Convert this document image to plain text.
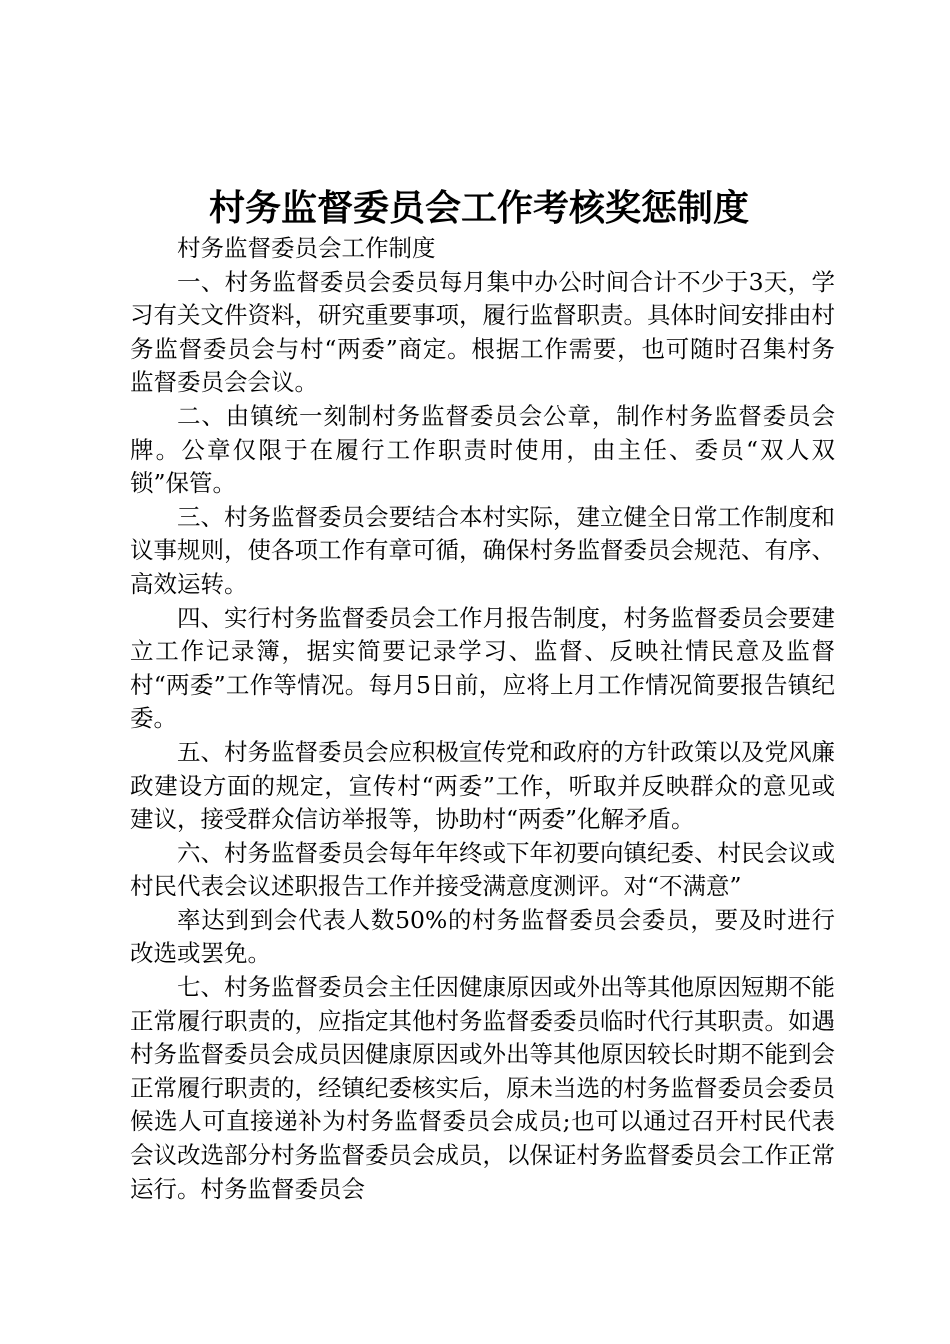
村务监督委员会工作考核奖惩制度

村务监督委员会工作制度

一、村务监督委员会委员每月集中办公时间合计不少于3天，学习有关文件资料，研究重要事项，履行监督职责。具体时间安排由村务监督委员会与村“两委”商定。根据工作需要，也可随时召集村务监督委员会会议。

二、由镇统一刻制村务监督委员会公章，制作村务监督委员会牌。公章仅限于在履行工作职责时使用，由主任、委员“双人双锁”保管。

三、村务监督委员会要结合本村实际，建立健全日常工作制度和议事规则，使各项工作有章可循，确保村务监督委员会规范、有序、高效运转。

四、实行村务监督委员会工作月报告制度，村务监督委员会要建立工作记录簿，据实简要记录学习、监督、反映社情民意及监督村“两委”工作等情况。每月5日前，应将上月工作情况简要报告镇纪委。

五、村务监督委员会应积极宣传党和政府的方针政策以及党风廉政建设方面的规定，宣传村“两委”工作，听取并反映群众的意见或建议，接受群众信访举报等，协助村“两委”化解矛盾。

六、村务监督委员会每年年终或下年初要向镇纪委、村民会议或村民代表会议述职报告工作并接受满意度测评。对“不满意”

率达到到会代表人数50%的村务监督委员会委员，要及时进行改选或罢免。

七、村务监督委员会主任因健康原因或外出等其他原因短期不能正常履行职责的，应指定其他村务监督委委员临时代行其职责。如遇村务监督委员会成员因健康原因或外出等其他原因较长时期不能到会正常履行职责的，经镇纪委核实后，原未当选的村务监督委员会委员候选人可直接递补为村务监督委员会成员;也可以通过召开村民代表会议改选部分村务监督委员会成员，以保证村务监督委员会工作正常运行。村务监督委员会
